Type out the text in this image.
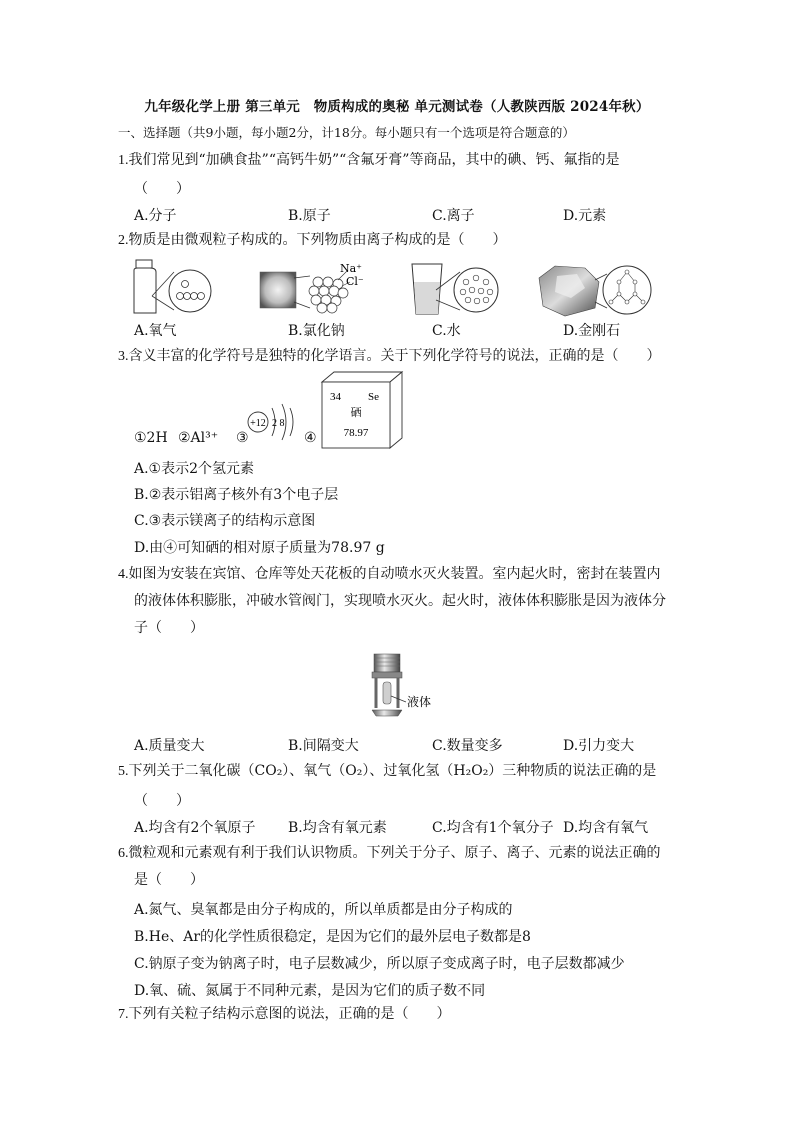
九年级化学上册 第三单元　物质构成的奥秘 单元测试卷（人教陕西版 2024年秋）
一、选择题（共9小题，每小题2分，计18分。每小题只有一个选项是符合题意的）
1.我们常见到“加碘食盐”“高钙牛奶”“含氟牙膏”等商品，其中的碘、钙、氟指的是
（　　）
A.分子	B.原子	C.离子	D.元素
2.物质是由微观粒子构成的。下列物质由离子构成的是（　　）
Na⁺
Cl⁻
A.氧气	B.氯化钠	C.水	D.金刚石
3.含义丰富的化学符号是独特的化学语言。关于下列化学符号的说法，正确的是（　　）
①2H ②Al³⁺ ③
+12 2 8
④
34 Se
硒
78.97
A.①表示2个氢元素
B.②表示铝离子核外有3个电子层
C.③表示镁离子的结构示意图
D.由④可知硒的相对原子质量为78.97 g
4.如图为安装在宾馆、仓库等处天花板的自动喷水灭火装置。室内起火时，密封在装置内
的液体体积膨胀，冲破水管阀门，实现喷水灭火。起火时，液体体积膨胀是因为液体分
子（　　）
液体
A.质量变大	B.间隔变大	C.数量变多	D.引力变大
5.下列关于二氧化碳（CO₂）、氧气（O₂）、过氧化氢（H₂O₂）三种物质的说法正确的是
（　　）
A.均含有2个氧原子 B.均含有氧元素	C.均含有1个氧分子 D.均含有氧气
6.微粒观和元素观有利于我们认识物质。下列关于分子、原子、离子、元素的说法正确的
是（　　）
A.氮气、臭氧都是由分子构成的，所以单质都是由分子构成的
B.He、Ar的化学性质很稳定，是因为它们的最外层电子数都是8
C.钠原子变为钠离子时，电子层数减少，所以原子变成离子时，电子层数都减少
D.氧、硫、氮属于不同种元素，是因为它们的质子数不同
7.下列有关粒子结构示意图的说法，正确的是（　　）
